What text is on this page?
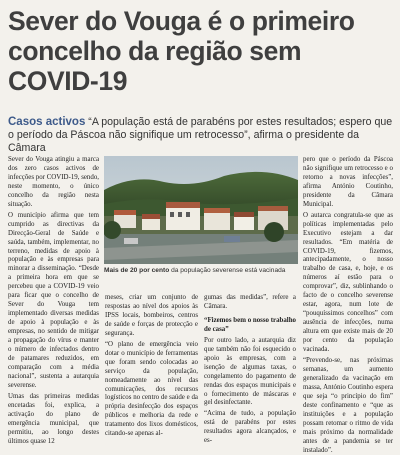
Sever do Vouga é o primeiro concelho da região sem COVID-19
Casos activos “A população está de parabéns por estes resultados; espero que o período da Páscoa não signifique um retrocesso”, afirma o presidente da Câmara

Sever do Vouga atingiu a marca dos zero casos activos de infecções por COVID-19, sendo, neste momento, o único concelho da região nesta situação.

O município afirma que tem cumprido as directivas da Direcção-Geral de Saúde e saúda, também, implementar, no terreno, medidas de apoio à população e às empresas para minorar a disseminação. “Desde a primeira hora em que se percebeu que a COVID-19 veio para ficar que o concelho de Sever do Vouga tem implementado diversas medidas de apoio à população e às empresas, no sentido de mitigar a propagação do vírus e manter o número de infectados dentro de patamares reduzidos, em comparação com a média nacional”, sustenta a autarquia severense.

Umas das primeiras medidas encetadas foi, explica, a activação do plano de emergência municipal, que permitiu, ao longo destes últimos quase 12

Mais de 20 por cento da população severense está vacinada

meses, criar um conjunto de respostas ao nível dos apoios às IPSS locais, bombeiros, centros de saúde e forças de protecção e segurança.

“O plano de emergência veio dotar o município de ferramentas que foram sendo colocadas ao serviço da população, nomeadamente ao nível das comunicações, dos recursos logísticos no centro de saúde e da própria desinfecção dos espaços públicos e melhoria da rede e tratamento dos lixos domésticos, citando-se apenas al-

gumas das medidas”, refere a Câmara.

“Fizemos bem o nosso trabalho de casa”

Por outro lado, a autarquia diz que também não foi esquecido o apoio às empresas, com a isenção de algumas taxas, o congelamento do pagamento de rendas dos espaços municipais e o fornecimento de máscaras e gel desinfectante.

“Acima de tudo, a população está de parabéns por estes resultados agora alcançados, e es-

pero que o período da Páscoa não signifique um retrocesso e o retorno a novas infecções”, afirma António Coutinho, presidente da Câmara Municipal.

O autarca congratula-se que as políticas implementadas pelo Executivo estejam a dar resultados. “Em matéria de COVID-19, fizemos, antecipadamente, o nosso trabalho de casa, e, hoje, e os números aí estão para o comprovar”, diz, sublinhando o facto de o concelho severense estar, agora, num lote de “pouquíssimos concelhos” com ausência de infecções, numa altura em que existe mais de 20 por cento da população vacinada.

“Prevendo-se, nas próximas semanas, um aumento generalizado da vacinação em massa, António Coutinho espera que seja “o princípio do fim” deste confinamento e “que as instituições e a população possam retomar o ritmo de vida mais próximo da normalidade antes de a pandemia se ter instalado”.
